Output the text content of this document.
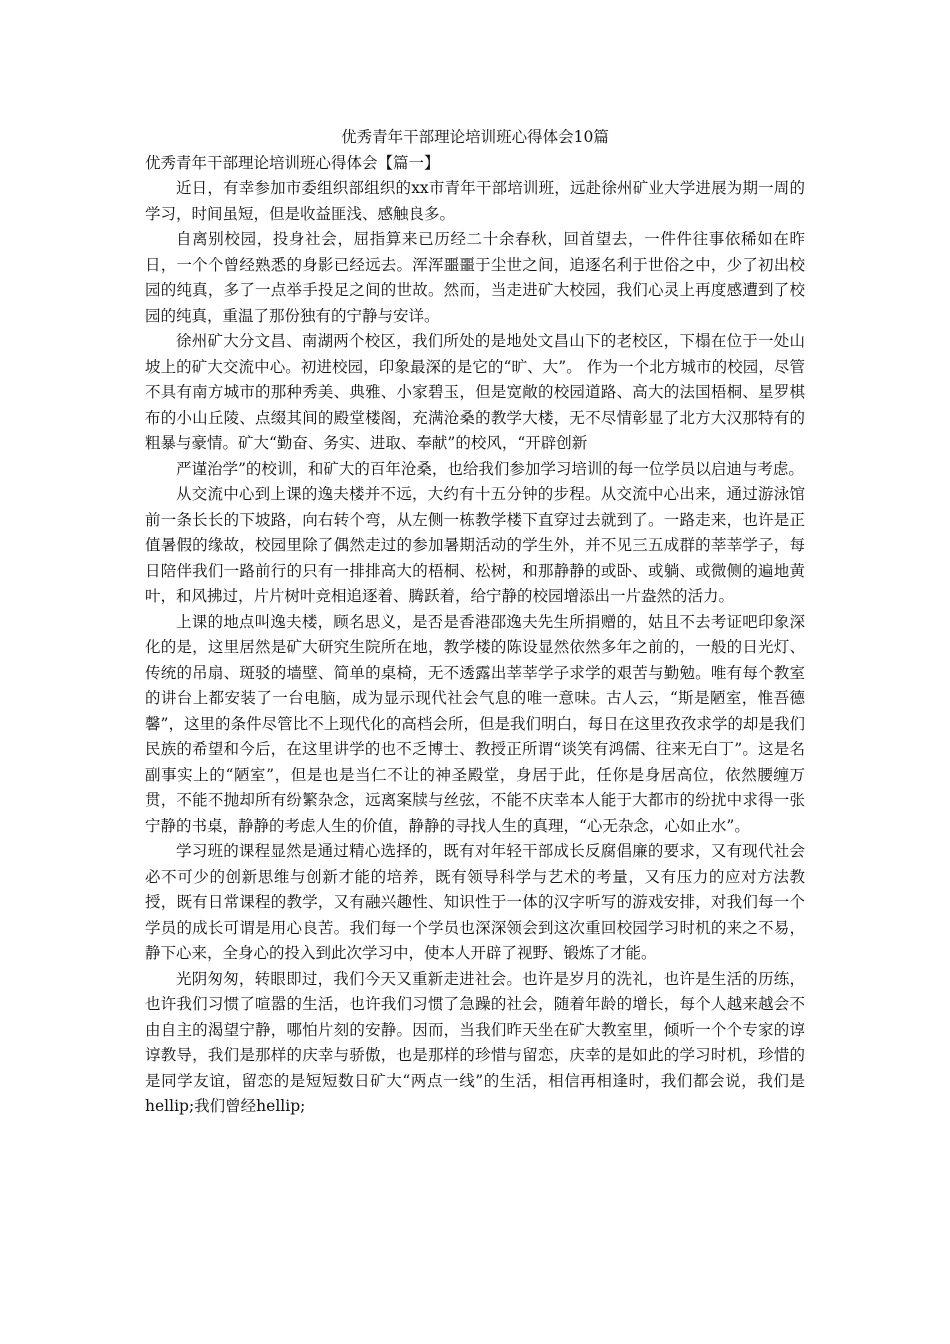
优秀青年干部理论培训班心得体会10篇

优秀青年干部理论培训班心得体会【篇一】

近日，有幸参加市委组织部组织的xx市青年干部培训班，远赴徐州矿业大学进展为期一周的学习，时间虽短，但是收益匪浅、感触良多。

自离别校园，投身社会，屈指算来已历经二十余春秋，回首望去，一件件往事依稀如在昨日，一个个曾经熟悉的身影已经远去。浑浑噩噩于尘世之间，追逐名利于世俗之中，少了初出校园的纯真，多了一点举手投足之间的世故。然而，当走进矿大校园，我们心灵上再度感遭到了校园的纯真，重温了那份独有的宁静与安详。

徐州矿大分文昌、南湖两个校区，我们所处的是地处文昌山下的老校区，下榻在位于一处山坡上的矿大交流中心。初进校园，印象最深的是它的“旷、大”。 作为一个北方城市的校园，尽管不具有南方城市的那种秀美、典雅、小家碧玉，但是宽敞的校园道路、高大的法国梧桐、星罗棋布的小山丘陵、点缀其间的殿堂楼阁，充满沧桑的教学大楼，无不尽情彰显了北方大汉那特有的粗暴与豪情。矿大“勤奋、务实、进取、奉献”的校风，“开辟创新

严谨治学”的校训，和矿大的百年沧桑，也给我们参加学习培训的每一位学员以启迪与考虑。

从交流中心到上课的逸夫楼并不远，大约有十五分钟的步程。从交流中心出来，通过游泳馆前一条长长的下坡路，向右转个弯，从左侧一栋教学楼下直穿过去就到了。一路走来，也许是正值暑假的缘故，校园里除了偶然走过的参加暑期活动的学生外，并不见三五成群的莘莘学子，每日陪伴我们一路前行的只有一排排高大的梧桐、松树，和那静静的或卧、或躺、或微侧的遍地黄叶，和风拂过，片片树叶竞相追逐着、腾跃着，给宁静的校园增添出一片盎然的活力。

上课的地点叫逸夫楼，顾名思义，是否是香港邵逸夫先生所捐赠的，姑且不去考证吧印象深化的是，这里居然是矿大研究生院所在地，教学楼的陈设显然依然多年之前的，一般的日光灯、传统的吊扇、斑驳的墙壁、简单的桌椅，无不透露出莘莘学子求学的艰苦与勤勉。唯有每个教室的讲台上都安装了一台电脑，成为显示现代社会气息的唯一意味。古人云，“斯是陋室，惟吾德馨”，这里的条件尽管比不上现代化的高档会所，但是我们明白，每日在这里孜孜求学的却是我们民族的希望和今后，在这里讲学的也不乏博士、教授正所谓“谈笑有鸿儒、往来无白丁”。这是名副事实上的“陋室”，但是也是当仁不让的神圣殿堂，身居于此，任你是身居高位，依然腰缠万贯，不能不抛却所有纷繁杂念，远离案牍与丝弦，不能不庆幸本人能于大都市的纷扰中求得一张宁静的书桌，静静的考虑人生的价值，静静的寻找人生的真理，“心无杂念，心如止水”。

学习班的课程显然是通过精心选择的，既有对年轻干部成长反腐倡廉的要求，又有现代社会必不可少的创新思维与创新才能的培养，既有领导科学与艺术的考量，又有压力的应对方法教授，既有日常课程的教学，又有融兴趣性、知识性于一体的汉字听写的游戏安排，对我们每一个学员的成长可谓是用心良苦。我们每一个学员也深深领会到这次重回校园学习时机的来之不易，静下心来，全身心的投入到此次学习中，使本人开辟了视野、锻炼了才能。

光阴匆匆，转眼即过，我们今天又重新走进社会。也许是岁月的洗礼，也许是生活的历练，也许我们习惯了喧嚣的生活，也许我们习惯了急躁的社会，随着年龄的增长，每个人越来越会不由自主的渴望宁静，哪怕片刻的安静。因而，当我们昨天坐在矿大教室里，倾听一个个专家的谆谆教导，我们是那样的庆幸与骄傲，也是那样的珍惜与留恋，庆幸的是如此的学习时机，珍惜的是同学友谊，留恋的是短短数日矿大“两点一线”的生活，相信再相逢时，我们都会说，我们是hellip;我们曾经hellip;
